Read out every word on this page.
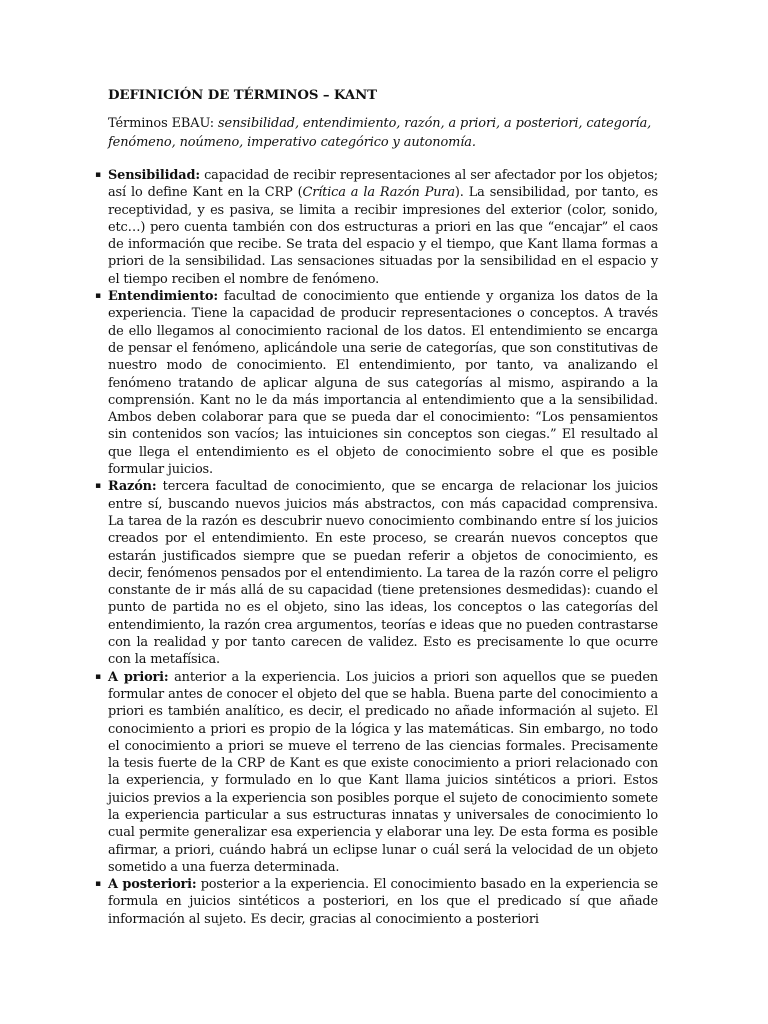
DEFINICIÓN DE TÉRMINOS – KANT

Términos EBAU: sensibilidad, entendimiento, razón, a priori, a posteriori, categoría, fenómeno, noúmeno, imperativo categórico y autonomía.

▪ Sensibilidad: capacidad de recibir representaciones al ser afectador por los objetos; así lo define Kant en la CRP (Crítica a la Razón Pura). La sensibilidad, por tanto, es receptividad, y es pasiva, se limita a recibir impresiones del exterior (color, sonido, etc…) pero cuenta también con dos estructuras a priori en las que “encajar” el caos de información que recibe. Se trata del espacio y el tiempo, que Kant llama formas a priori de la sensibilidad. Las sensaciones situadas por la sensibilidad en el espacio y el tiempo reciben el nombre de fenómeno.
▪ Entendimiento: facultad de conocimiento que entiende y organiza los datos de la experiencia. Tiene la capacidad de producir representaciones o conceptos. A través de ello llegamos al conocimiento racional de los datos. El entendimiento se encarga de pensar el fenómeno, aplicándole una serie de categorías, que son constitutivas de nuestro modo de conocimiento. El entendimiento, por tanto, va analizando el fenómeno tratando de aplicar alguna de sus categorías al mismo, aspirando a la comprensión. Kant no le da más importancia al entendimiento que a la sensibilidad. Ambos deben colaborar para que se pueda dar el conocimiento: “Los pensamientos sin contenidos son vacíos; las intuiciones sin conceptos son ciegas.” El resultado al que llega el entendimiento es el objeto de conocimiento sobre el que es posible formular juicios.
▪ Razón: tercera facultad de conocimiento, que se encarga de relacionar los juicios entre sí, buscando nuevos juicios más abstractos, con más capacidad comprensiva. La tarea de la razón es descubrir nuevo conocimiento combinando entre sí los juicios creados por el entendimiento. En este proceso, se crearán nuevos conceptos que estarán justificados siempre que se puedan referir a objetos de conocimiento, es decir, fenómenos pensados por el entendimiento. La tarea de la razón corre el peligro constante de ir más allá de su capacidad (tiene pretensiones desmedidas): cuando el punto de partida no es el objeto, sino las ideas, los conceptos o las categorías del entendimiento, la razón crea argumentos, teorías e ideas que no pueden contrastarse con la realidad y por tanto carecen de validez. Esto es precisamente lo que ocurre con la metafísica.
▪ A priori: anterior a la experiencia. Los juicios a priori son aquellos que se pueden formular antes de conocer el objeto del que se habla. Buena parte del conocimiento a priori es también analítico, es decir, el predicado no añade información al sujeto. El conocimiento a priori es propio de la lógica y las matemáticas. Sin embargo, no todo el conocimiento a priori se mueve el terreno de las ciencias formales. Precisamente la tesis fuerte de la CRP de Kant es que existe conocimiento a priori relacionado con la experiencia, y formulado en lo que Kant llama juicios sintéticos a priori. Estos juicios previos a la experiencia son posibles porque el sujeto de conocimiento somete la experiencia particular a sus estructuras innatas y universales de conocimiento lo cual permite generalizar esa experiencia y elaborar una ley. De esta forma es posible afirmar, a priori, cuándo habrá un eclipse lunar o cuál será la velocidad de un objeto sometido a una fuerza determinada.
▪ A posteriori: posterior a la experiencia. El conocimiento basado en la experiencia se formula en juicios sintéticos a posteriori, en los que el predicado sí que añade información al sujeto. Es decir, gracias al conocimiento a posteriori
